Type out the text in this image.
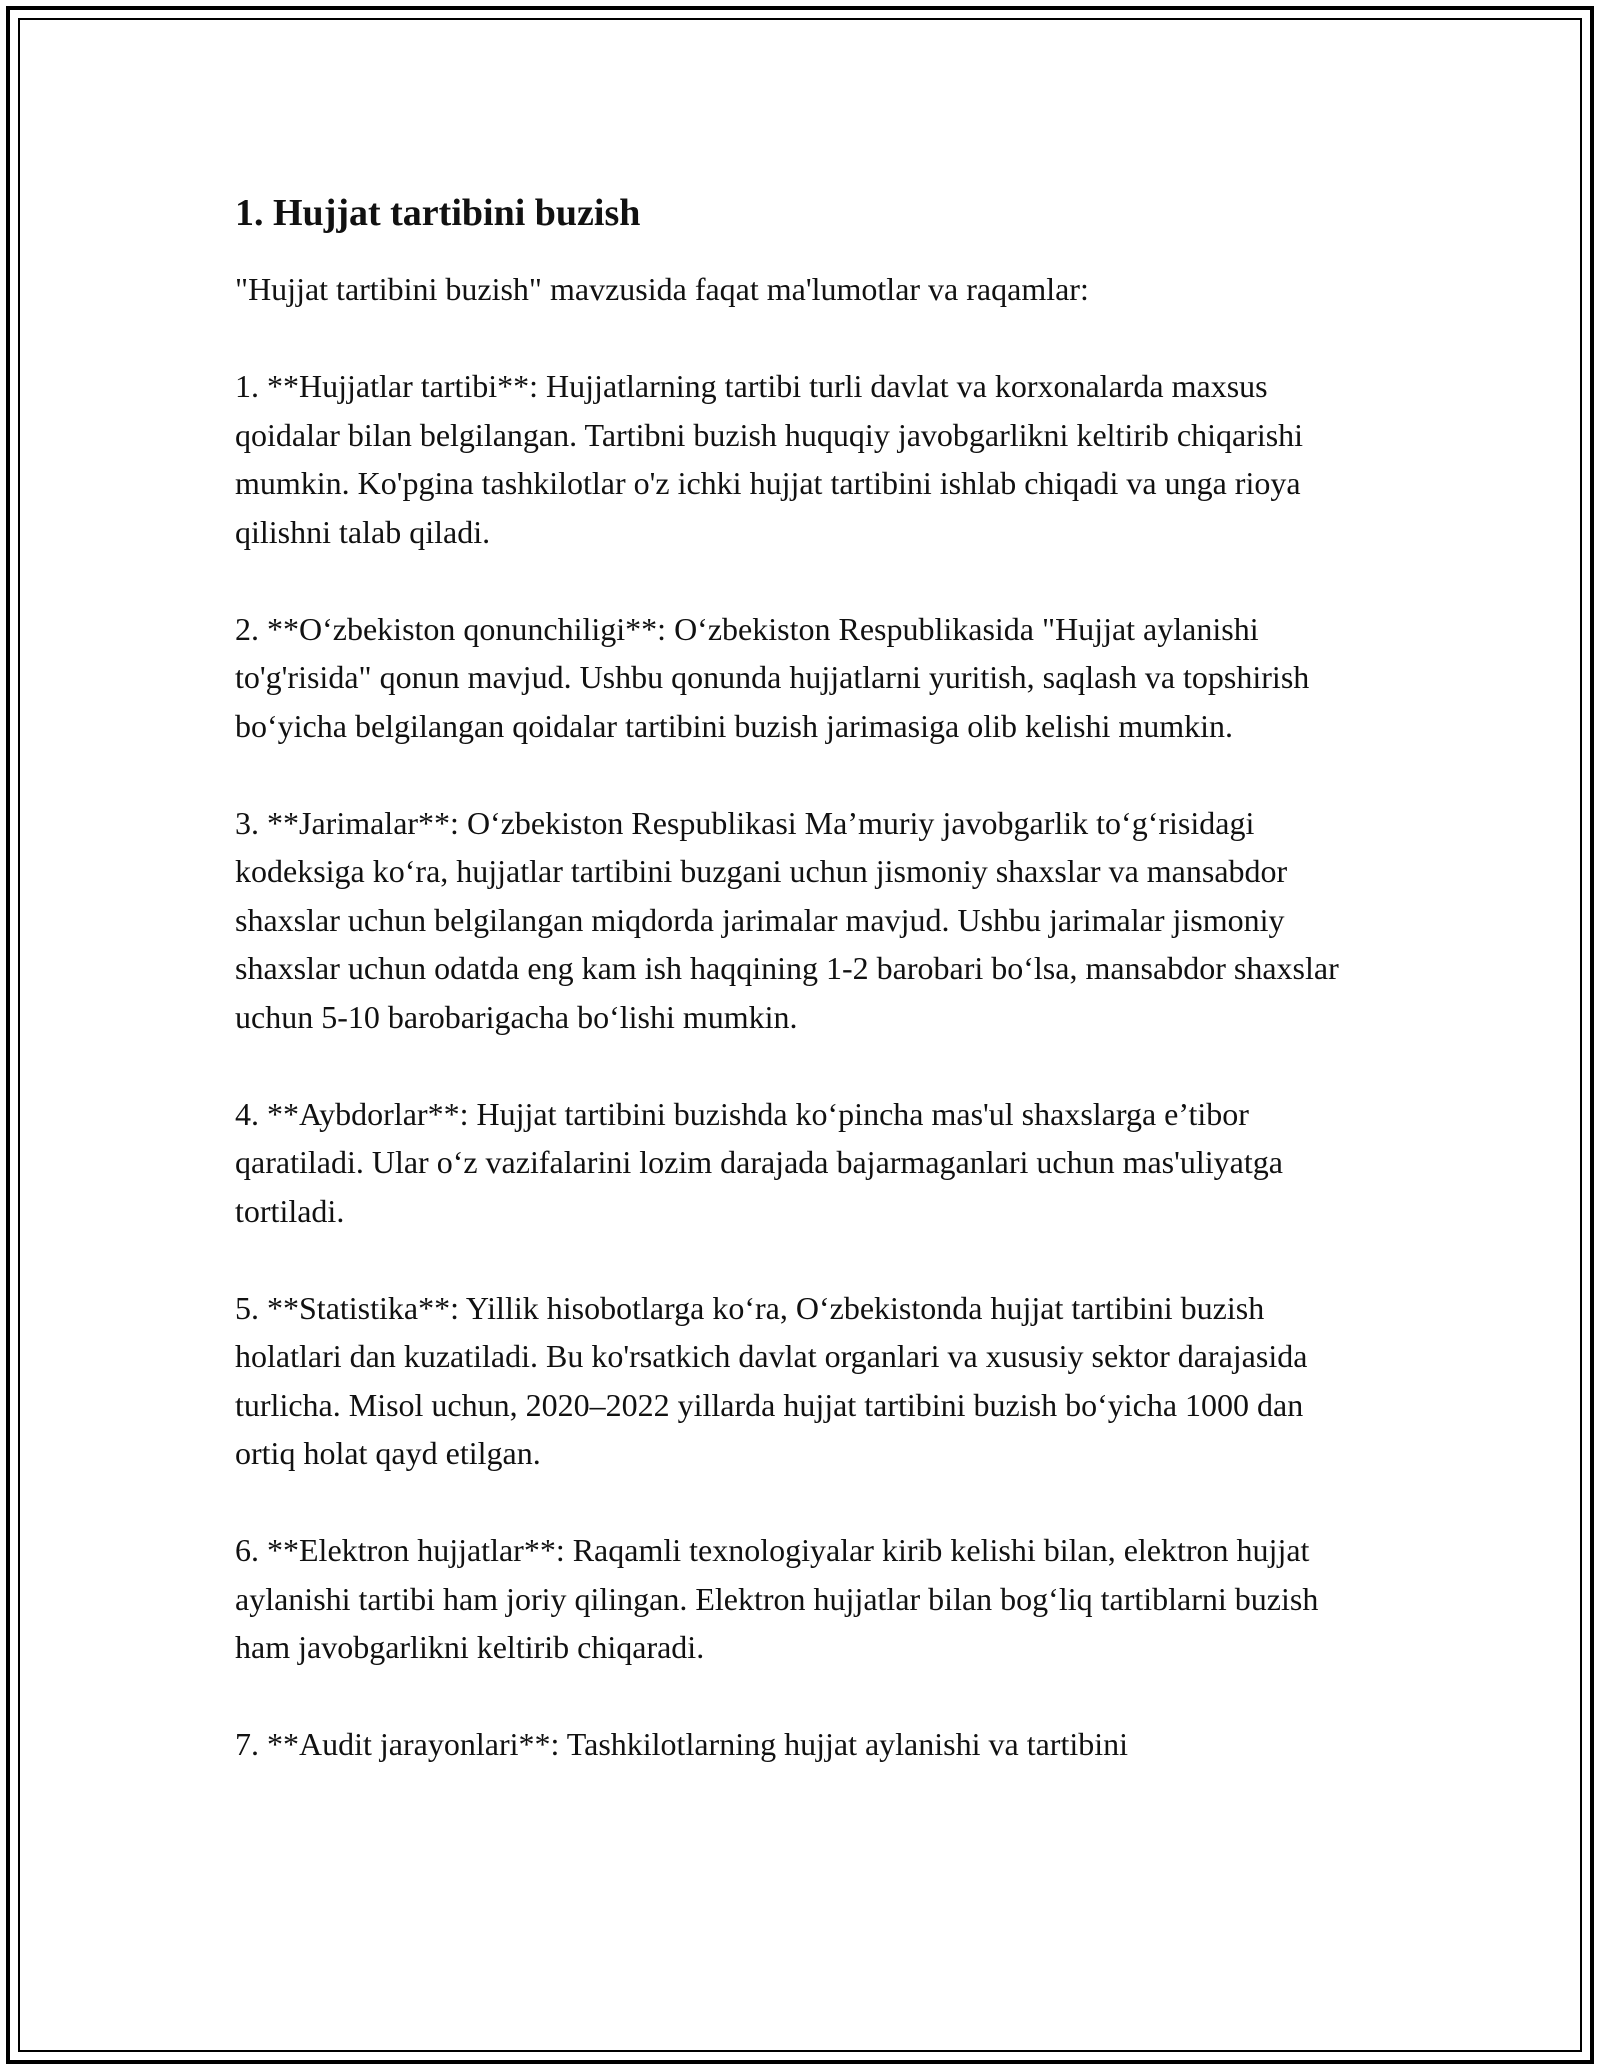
1. Hujjat tartibini buzish

"Hujjat tartibini buzish" mavzusida faqat ma'lumotlar va raqamlar:

1. **Hujjatlar tartibi**: Hujjatlarning tartibi turli davlat va korxonalarda maxsus qoidalar bilan belgilangan. Tartibni buzish huquqiy javobgarlikni keltirib chiqarishi mumkin. Ko'pgina tashkilotlar o'z ichki hujjat tartibini ishlab chiqadi va unga rioya qilishni talab qiladi.

2. **O‘zbekiston qonunchiligi**: O‘zbekiston Respublikasida "Hujjat aylanishi to'g'risida" qonun mavjud. Ushbu qonunda hujjatlarni yuritish, saqlash va topshirish bo‘yicha belgilangan qoidalar tartibini buzish jarimasiga olib kelishi mumkin.

3. **Jarimalar**: O‘zbekiston Respublikasi Ma’muriy javobgarlik to‘g‘risidagi kodeksiga ko‘ra, hujjatlar tartibini buzgani uchun jismoniy shaxslar va mansabdor shaxslar uchun belgilangan miqdorda jarimalar mavjud. Ushbu jarimalar jismoniy shaxslar uchun odatda eng kam ish haqqining 1-2 barobari bo‘lsa, mansabdor shaxslar uchun 5-10 barobarigacha bo‘lishi mumkin.

4. **Aybdorlar**: Hujjat tartibini buzishda ko‘pincha mas'ul shaxslarga e’tibor qaratiladi. Ular o‘z vazifalarini lozim darajada bajarmaganlari uchun mas'uliyatga tortiladi.

5. **Statistika**: Yillik hisobotlarga ko‘ra, O‘zbekistonda hujjat tartibini buzish holatlari dan kuzatiladi. Bu ko'rsatkich davlat organlari va xususiy sektor darajasida turlicha. Misol uchun, 2020–2022 yillarda hujjat tartibini buzish bo‘yicha 1000 dan ortiq holat qayd etilgan.

6. **Elektron hujjatlar**: Raqamli texnologiyalar kirib kelishi bilan, elektron hujjat aylanishi tartibi ham joriy qilingan. Elektron hujjatlar bilan bog‘liq tartiblarni buzish ham javobgarlikni keltirib chiqaradi.

7. **Audit jarayonlari**: Tashkilotlarning hujjat aylanishi va tartibini
